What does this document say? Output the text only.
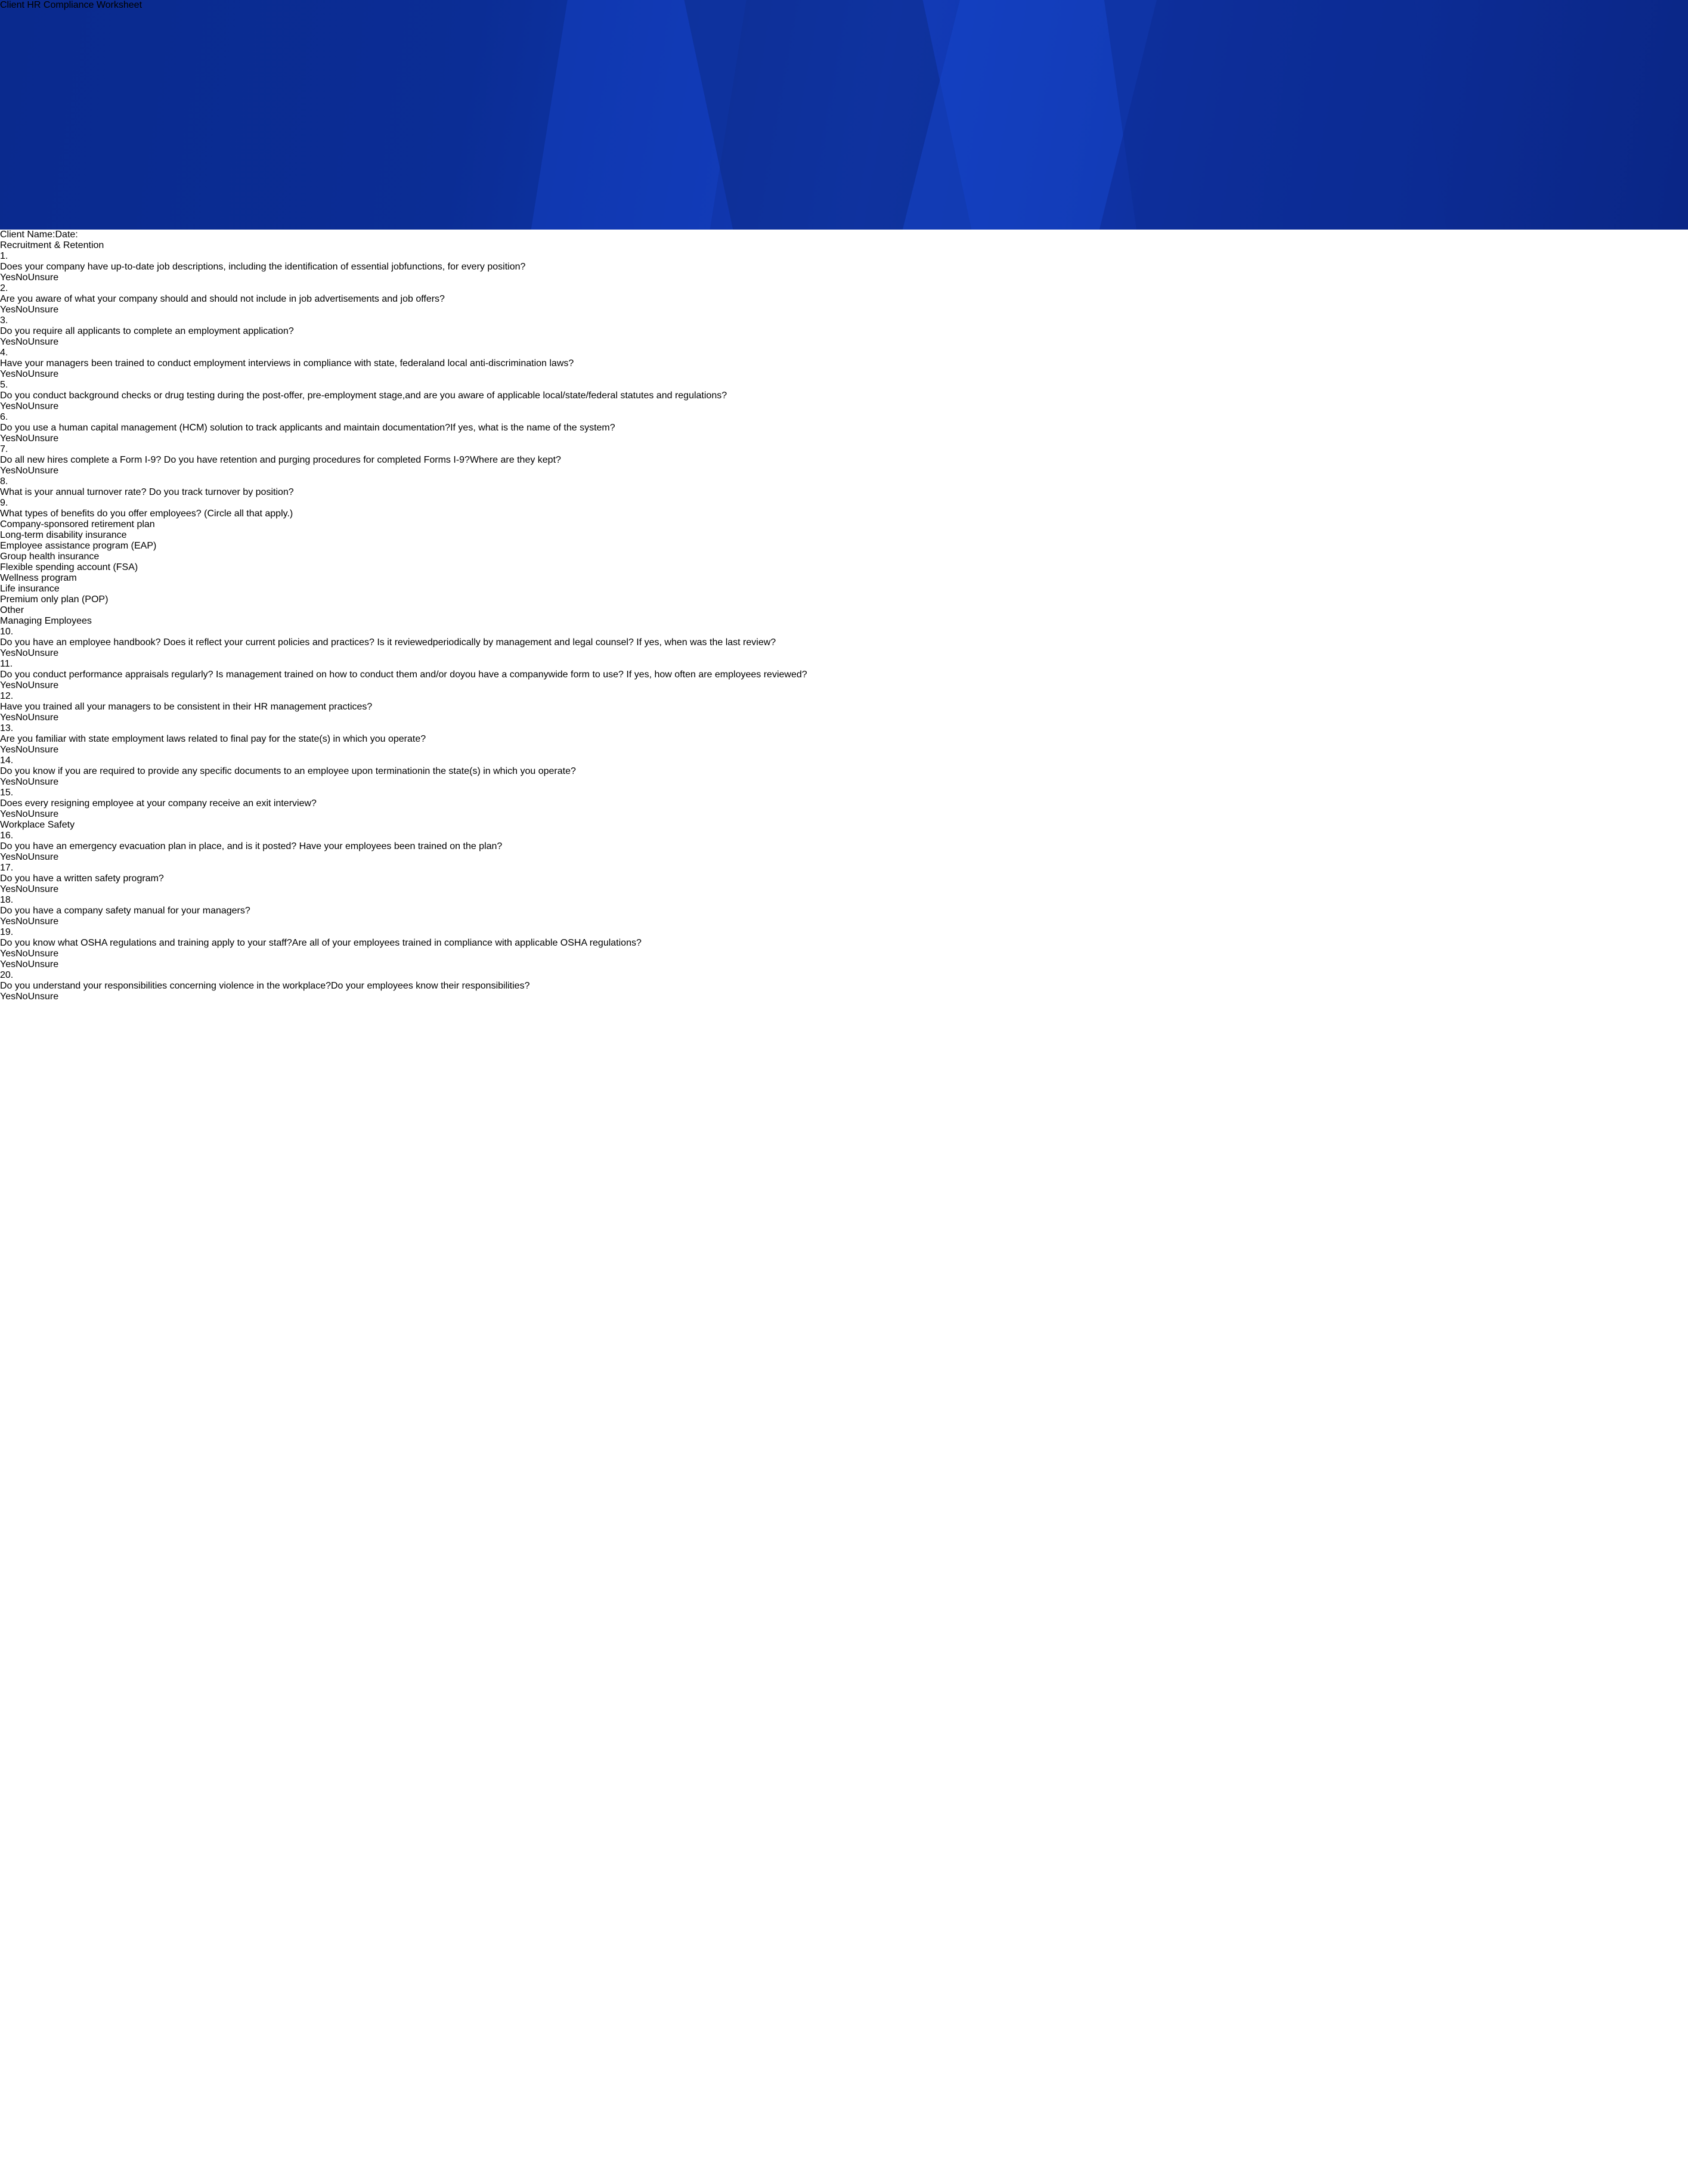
Client HR Compliance Worksheet
Client Name:Date:
Recruitment & Retention
1.
Does your company have up-to-date job descriptions, including the identification of essential jobfunctions, for every position?
YesNoUnsure
2.
Are you aware of what your company should and should not include in job advertisements and job offers?
YesNoUnsure
3.
Do you require all applicants to complete an employment application?
YesNoUnsure
4.
Have your managers been trained to conduct employment interviews in compliance with state, federaland local anti-discrimination laws?
YesNoUnsure
5.
Do you conduct background checks or drug testing during the post-offer, pre-employment stage,and are you aware of applicable local/state/federal statutes and regulations?
YesNoUnsure
6.
Do you use a human capital management (HCM) solution to track applicants and maintain documentation?If yes, what is the name of the system?
YesNoUnsure
7.
Do all new hires complete a Form I-9? Do you have retention and purging procedures for completed Forms I-9?Where are they kept?
YesNoUnsure
8.
What is your annual turnover rate? Do you track turnover by position?
9.
What types of benefits do you offer employees? (Circle all that apply.)
Company-sponsored retirement plan
Long-term disability insurance
Employee assistance program (EAP)
Group health insurance
Flexible spending account (FSA)
Wellness program
Life insurance
Premium only plan (POP)
Other
Managing Employees
10.
Do you have an employee handbook? Does it reflect your current policies and practices? Is it reviewedperiodically by management and legal counsel? If yes, when was the last review?
YesNoUnsure
11.
Do you conduct performance appraisals regularly? Is management trained on how to conduct them and/or doyou have a companywide form to use? If yes, how often are employees reviewed?
YesNoUnsure
12.
Have you trained all your managers to be consistent in their HR management practices?
YesNoUnsure
13.
Are you familiar with state employment laws related to final pay for the state(s) in which you operate?
YesNoUnsure
14.
Do you know if you are required to provide any specific documents to an employee upon terminationin the state(s) in which you operate?
YesNoUnsure
15.
Does every resigning employee at your company receive an exit interview?
YesNoUnsure
Workplace Safety
16.
Do you have an emergency evacuation plan in place, and is it posted? Have your employees been trained on the plan?
YesNoUnsure
17.
Do you have a written safety program?
YesNoUnsure
18.
Do you have a company safety manual for your managers?
YesNoUnsure
19.
Do you know what OSHA regulations and training apply to your staff?Are all of your employees trained in compliance with applicable OSHA regulations?
YesNoUnsure
YesNoUnsure
20.
Do you understand your responsibilities concerning violence in the workplace?Do your employees know their responsibilities?
YesNoUnsure
